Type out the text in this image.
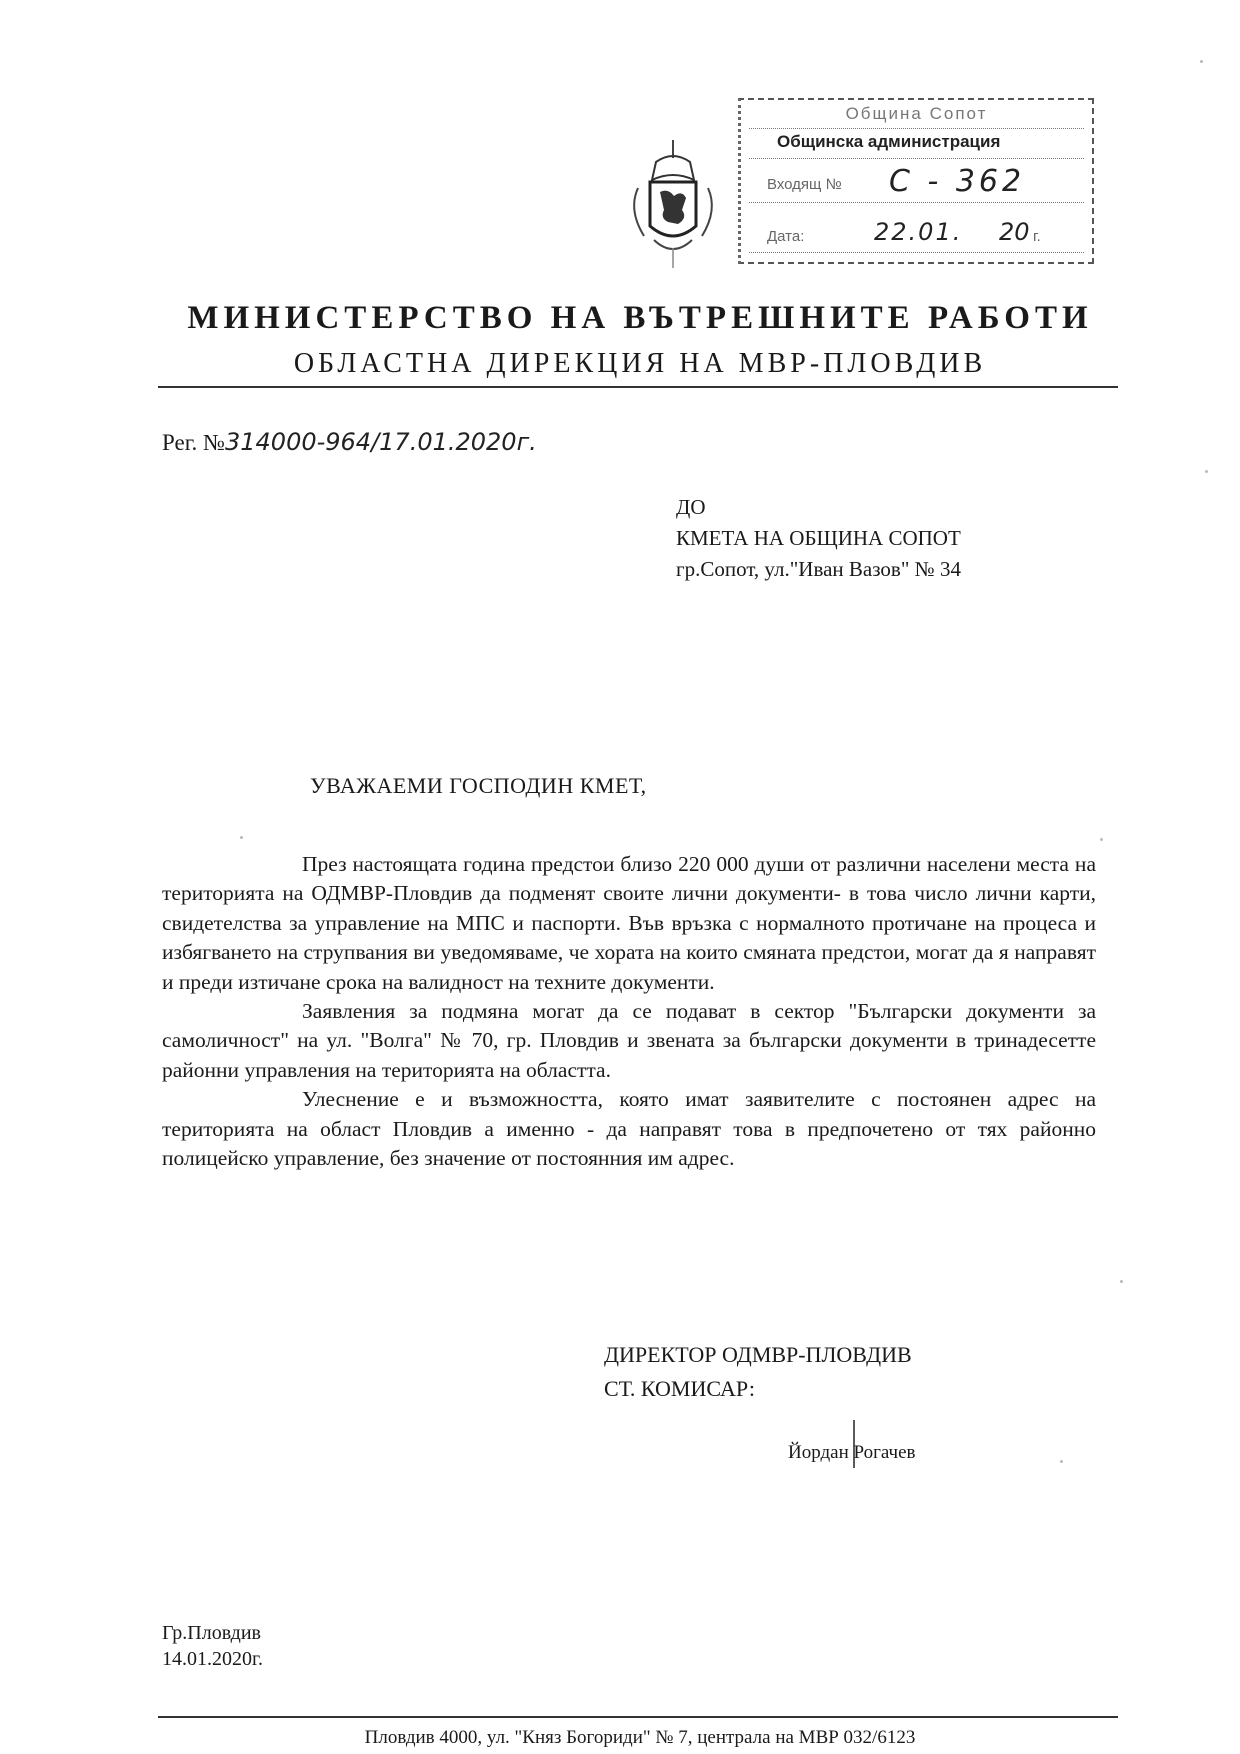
Община Сопот
Общинска администрация
Входящ № С - 362
Дата:	22.01. 20 г.
МИНИСТЕРСТВО НА ВЪТРЕШНИТЕ РАБОТИ
ОБЛАСТНА ДИРЕКЦИЯ НА МВР-ПЛОВДИВ
Рег. №314000-964/17.01.2020г.
ДО
КМЕТА НА ОБЩИНА СОПОТ
гр.Сопот, ул."Иван Вазов" № 34
УВАЖАЕМИ ГОСПОДИН КМЕТ,

През настоящата година предстои близо 220 000 души от различни населени места на територията на ОДМВР-Пловдив да подменят своите лични документи- в това число лични карти, свидетелства за управление на МПС и паспорти. Във връзка с нормалното протичане на процеса и избягването на струпвания ви уведомяваме, че хората на които смяната предстои, могат да я направят и преди изтичане срока на валидност на техните документи.

Заявления за подмяна могат да се подават в сектор "Български документи за самоличност" на ул. "Волга" № 70, гр. Пловдив и звената за български документи в тринадесетте районни управления на територията на областта.

Улеснение е и възможността, която имат заявителите с постоянен адрес на територията на област Пловдив а именно - да направят това в предпочетено от тях районно полицейско управление, без значение от постоянния им адрес.

ДИРЕКТОР ОДМВР-ПЛОВДИВ
СТ. КОМИСАР:
Йордан Рогачев
Гр.Пловдив
14.01.2020г.
Пловдив 4000, ул. "Княз Богориди" № 7, централа на МВР 032/6123
